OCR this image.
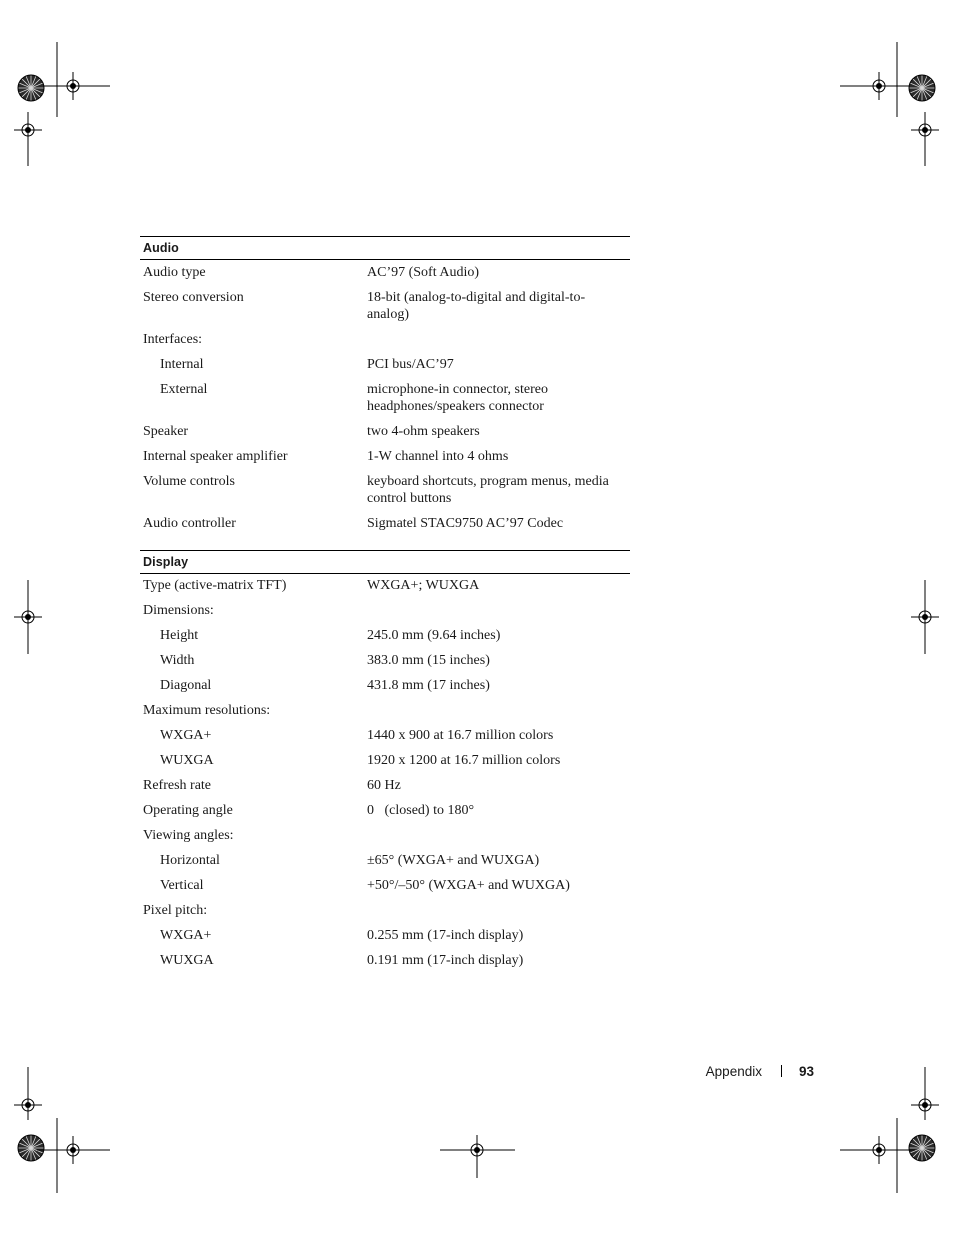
Audio
Audio type	AC’97 (Soft Audio)
Stereo conversion	18-bit (analog-to-digital and digital-to-analog)
Interfaces:
Internal	PCI bus/AC’97
External	microphone-in connector, stereo headphones/speakers connector
Speaker	two 4-ohm speakers
Internal speaker amplifier	1-W channel into 4 ohms
Volume controls	keyboard shortcuts, program menus, media control buttons
Audio controller	Sigmatel STAC9750 AC’97 Codec
Display
Type (active-matrix TFT)	WXGA+; WUXGA
Dimensions:
Height	245.0 mm (9.64 inches)
Width	383.0 mm (15 inches)
Diagonal	431.8 mm (17 inches)
Maximum resolutions:
WXGA+	1440 x 900 at 16.7 million colors
WUXGA	1920 x 1200 at 16.7 million colors
Refresh rate	60 Hz
Operating angle	0   (closed) to 180°
Viewing angles:
Horizontal	±65° (WXGA+ and WUXGA)
Vertical	+50°/–50° (WXGA+ and WUXGA)
Pixel pitch:
WXGA+	0.255 mm (17-inch display)
WUXGA	0.191 mm (17-inch display)
Appendix	93
